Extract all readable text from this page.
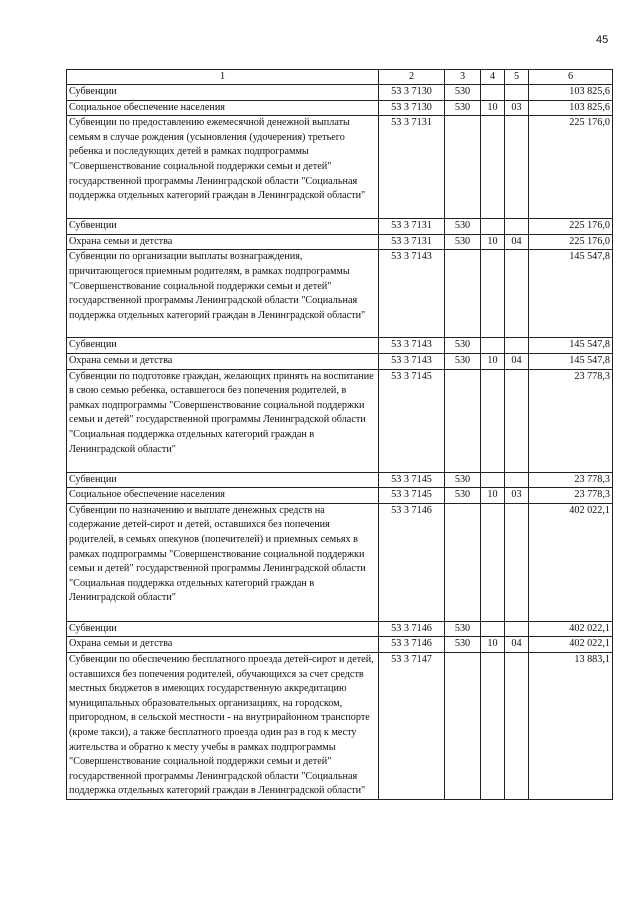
45
1	2	3	4	5	6
Субвенции	53 3 7130	530			103 825,6
Социальное обеспечение населения	53 3 7130	530	10	03	103 825,6
Субвенции по предоставлению ежемесячной денежной выплаты семьям в случае рождения (усыновления (удочерения) третьего ребенка и последующих детей в рамках подпрограммы "Совершенствование социальной поддержки семьи и детей" государственной программы Ленинградской области "Социальная поддержка отдельных категорий граждан в Ленинградской области"	53 3 7131				225 176,0
Субвенции	53 3 7131	530			225 176,0
Охрана семьи и детства	53 3 7131	530	10	04	225 176,0
Субвенции по организации выплаты вознаграждения, причитающегося приемным родителям, в рамках подпрограммы "Совершенствование социальной поддержки семьи и детей" государственной программы Ленинградской области "Социальная поддержка отдельных категорий граждан в Ленинградской области"	53 3 7143				145 547,8
Субвенции	53 3 7143	530			145 547,8
Охрана семьи и детства	53 3 7143	530	10	04	145 547,8
Субвенции по подготовке граждан, желающих принять на воспитание в свою семью ребенка, оставшегося без попечения родителей, в рамках подпрограммы "Совершенствование социальной поддержки семьи и детей" государственной программы Ленинградской области "Социальная поддержка отдельных категорий граждан в Ленинградской области"	53 3 7145				23 778,3
Субвенции	53 3 7145	530			23 778,3
Социальное обеспечение населения	53 3 7145	530	10	03	23 778,3
Субвенции по назначению и выплате денежных средств на содержание детей-сирот и детей, оставшихся без попечения родителей, в семьях опекунов (попечителей) и приемных семьях в рамках подпрограммы "Совершенствование социальной поддержки семьи и детей" государственной программы Ленинградской области "Социальная поддержка отдельных категорий граждан в Ленинградской области"	53 3 7146				402 022,1
Субвенции	53 3 7146	530			402 022,1
Охрана семьи и детства	53 3 7146	530	10	04	402 022,1
Субвенции по обеспечению бесплатного проезда детей-сирот и детей, оставшихся без попечения родителей, обучающихся за счет средств местных бюджетов в имеющих государственную аккредитацию муниципальных образовательных организациях, на городском, пригородном, в сельской местности - на внутрирайонном транспорте (кроме такси), а также бесплатного проезда один раз в год к месту жительства и обратно к месту учебы в рамках подпрограммы "Совершенствование социальной поддержки семьи и детей" государственной программы Ленинградской области "Социальная поддержка отдельных категорий граждан в Ленинградской области"	53 3 7147				13 883,1
